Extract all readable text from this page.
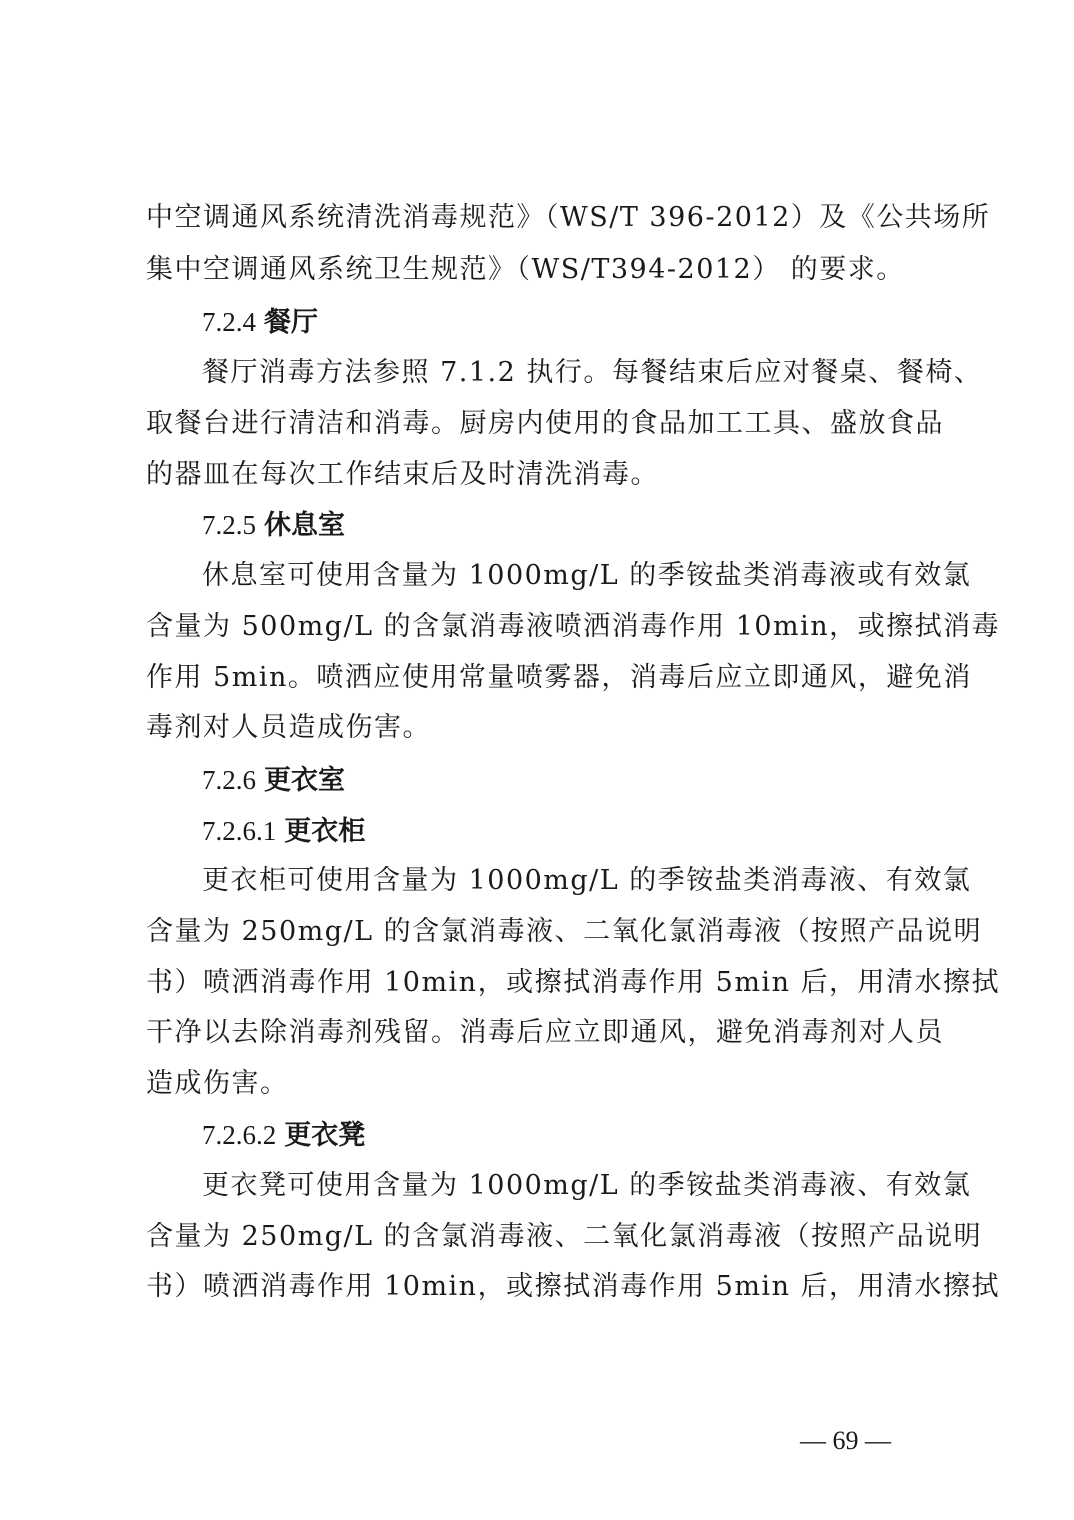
中空调通风系统清洗消毒规范》（WS/T 396-2012）及《公共场所
集中空调通风系统卫生规范》（WS/T394-2012） 的要求。
7.2.4 餐厅
餐厅消毒方法参照 7.1.2 执行。每餐结束后应对餐桌、餐椅、
取餐台进行清洁和消毒。厨房内使用的食品加工工具、盛放食品
的器皿在每次工作结束后及时清洗消毒。
7.2.5 休息室
休息室可使用含量为 1000mg/L 的季铵盐类消毒液或有效氯
含量为 500mg/L 的含氯消毒液喷洒消毒作用 10min，或擦拭消毒
作用 5min。喷洒应使用常量喷雾器，消毒后应立即通风，避免消
毒剂对人员造成伤害。
7.2.6 更衣室
7.2.6.1 更衣柜
更衣柜可使用含量为 1000mg/L 的季铵盐类消毒液、有效氯
含量为 250mg/L 的含氯消毒液、二氧化氯消毒液（按照产品说明
书）喷洒消毒作用 10min，或擦拭消毒作用 5min 后，用清水擦拭
干净以去除消毒剂残留。消毒后应立即通风，避免消毒剂对人员
造成伤害。
7.2.6.2 更衣凳
更衣凳可使用含量为 1000mg/L 的季铵盐类消毒液、有效氯
含量为 250mg/L 的含氯消毒液、二氧化氯消毒液（按照产品说明
书）喷洒消毒作用 10min，或擦拭消毒作用 5min 后，用清水擦拭
— 69 —
